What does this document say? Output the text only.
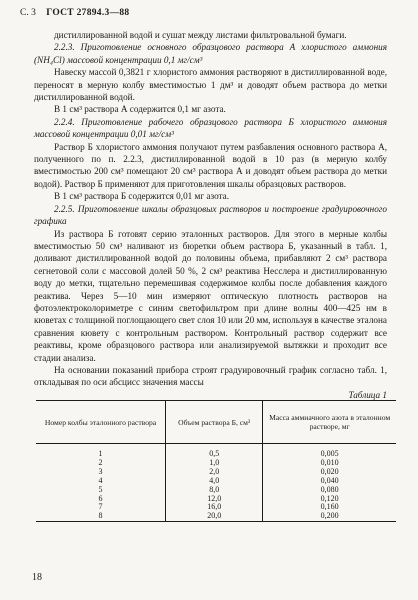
С. 3 ГОСТ 27894.3—88

дистиллированной водой и сушат между листами фильтровальной бумаги.

2.2.3. Приготовление основного образцового раствора А хлористого аммония (NH₄Cl) массовой концентрации 0,1 мг/см³

Навеску массой 0,3821 г хлористого аммония растворяют в дистиллированной воде, переносят в мерную колбу вместимостью 1 дм³ и доводят объем раствора до метки дистиллированной водой.

В 1 см³ раствора А содержится 0,1 мг азота.

2.2.4. Приготовление рабочего образцового раствора Б хлористого аммония массовой концентрации 0,01 мг/см³

Раствор Б хлористого аммония получают путем разбавления основного раствора А, полученного по п. 2.2.3, дистиллированной водой в 10 раз (в мерную колбу вместимостью 200 см³ помещают 20 см³ раствора А и доводят объем раствора до метки водой). Раствор Б применяют для приготовления шкалы образцовых растворов.

В 1 см³ раствора Б содержится 0,01 мг азота.

2.2.5. Приготовление шкалы образцовых растворов и построение градуировочного графика

Из раствора Б готовят серию эталонных растворов. Для этого в мерные колбы вместимостью 50 см³ наливают из бюретки объем раствора Б, указанный в табл. 1, доливают дистиллированной водой до половины объема, прибавляют 2 см³ раствора сегнетовой соли с массовой долей 50 %, 2 см³ реактива Несслера и дистиллированную воду до метки, тщательно перемешивая содержимое колбы после добавления каждого реактива. Через 5—10 мин измеряют оптическую плотность растворов на фотоэлектроколориметре с синим светофильтром при длине волны 400—425 нм в кюветах с толщиной поглощающего свет слоя 10 или 20 мм, используя в качестве эталона сравнения кювету с контрольным раствором. Контрольный раствор содержит все реактивы, кроме образцового раствора или анализируемой вытяжки и проходит все стадии анализа.

На основании показаний прибора строят градуировочный график согласно табл. 1, откладывая по оси абсцисс значения массы

Таблица 1

Номер колбы эталонного раствора	Объем раствора Б, см³	Масса аммиачного азота в эталонном растворе, мг
1	0,5	0,005
2	1,0	0,010
3	2,0	0,020
4	4,0	0,040
5	8,0	0,080
6	12,0	0,120
7	16,0	0,160
8	20,0	0,200
18
